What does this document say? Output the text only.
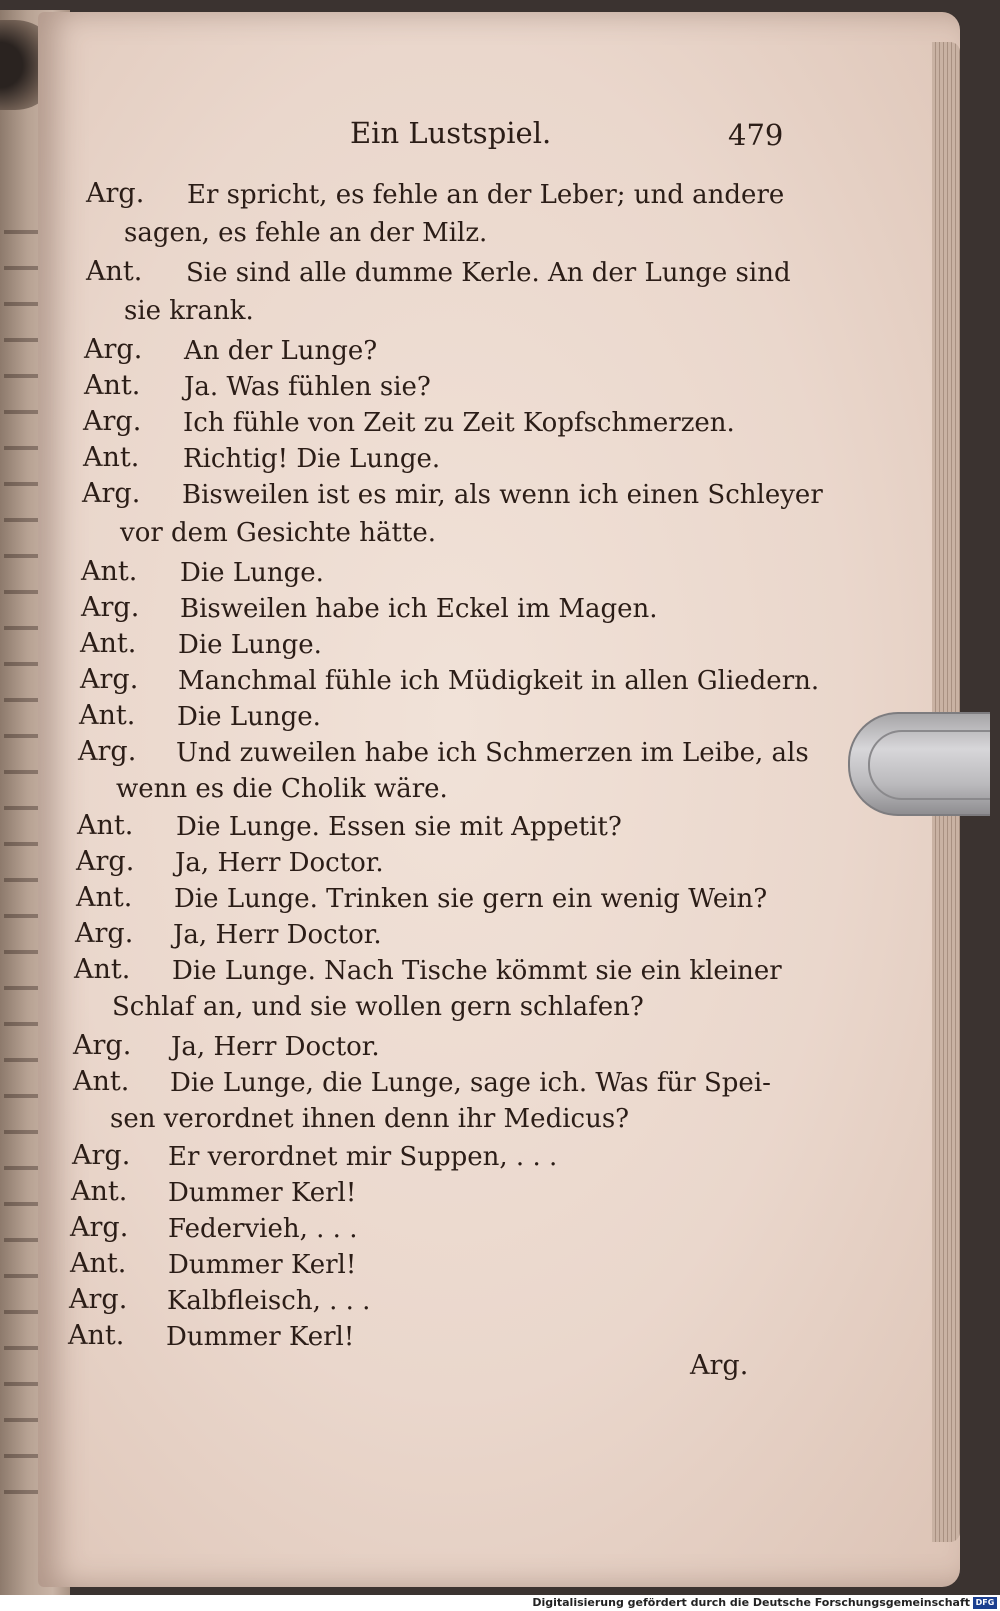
Ein Lustspiel.	479
Arg. Er spricht, es fehle an der Leber; und andere
sagen, es fehle an der Milz.
Ant. Sie sind alle dumme Kerle. An der Lunge sind
sie krank.
Arg. An der Lunge?
Ant. Ja. Was fühlen sie?
Arg. Ich fühle von Zeit zu Zeit Kopfschmerzen.
Ant. Richtig! Die Lunge.
Arg. Bisweilen ist es mir, als wenn ich einen Schleyer
vor dem Gesichte hätte.
Ant. Die Lunge.
Arg. Bisweilen habe ich Eckel im Magen.
Ant. Die Lunge.
Arg. Manchmal fühle ich Müdigkeit in allen Gliedern.
Ant. Die Lunge.
Arg. Und zuweilen habe ich Schmerzen im Leibe, als
wenn es die Cholik wäre.
Ant. Die Lunge. Essen sie mit Appetit?
Arg. Ja, Herr Doctor.
Ant. Die Lunge. Trinken sie gern ein wenig Wein?
Arg. Ja, Herr Doctor.
Ant. Die Lunge. Nach Tische kömmt sie ein kleiner
Schlaf an, und sie wollen gern schlafen?
Arg. Ja, Herr Doctor.
Ant. Die Lunge, die Lunge, sage ich. Was für Spei-
sen verordnet ihnen denn ihr Medicus?
Arg. Er verordnet mir Suppen, . . .
Ant. Dummer Kerl!
Arg. Federvieh, . . .
Ant. Dummer Kerl!
Arg. Kalbfleisch, . . .
Ant. Dummer Kerl!
Arg.
Digitalisierung gefördert durch die Deutsche Forschungsgemeinschaft DFG
